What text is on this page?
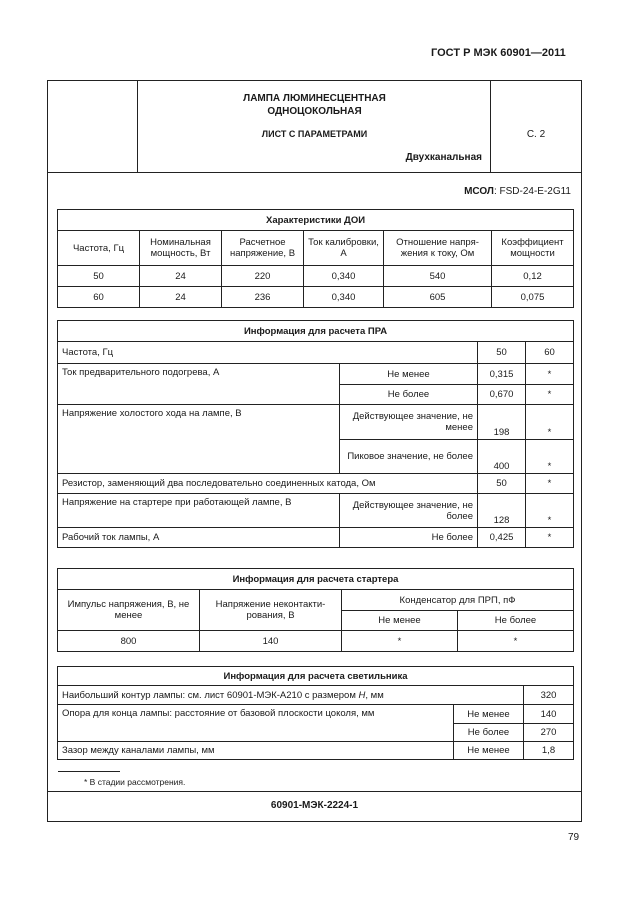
ГОСТ Р МЭК 60901—2011
ЛАМПА ЛЮМИНЕСЦЕНТНАЯ
ОДНОЦОКОЛЬНАЯ
ЛИСТ С ПАРАМЕТРАМИ
Двухканальная
С. 2
МСОЛ: FSD-24-E-2G11
Характеристики ДОИ					
Частота, Гц	Номинальная мощность, Вт	Расчетное напряжение, В	Ток калибровки, А	Отношение напря-жения к току, Ом	Коэффициент мощности
50	24	220	0,340	540	0,12
60	24	236	0,340	605	0,075
Информация для расчета ПРА			
Частота, Гц		50	60
Ток предварительного подогрева, А	Не менее	0,315	*
	Не более	0,670	*
Напряжение холостого хода на лампе, В	Действующее значение, не менее	198	*
	Пиковое значение, не более	400	*
Резистор, заменяющий два последовательно соединенных катода, Ом		50	*
Напряжение на стартере при работающей лампе, В	Действующее значение, не более	128	*
Рабочий ток лампы, А	Не более	0,425	*
Информация для расчета стартера			
Импульс напряжения, В, не менее	Напряжение неконтакти-рования, В	Конденсатор для ПРП, пФ	
		Не менее	Не более
800	140	*	*
Информация для расчета светильника		
Наибольший контур лампы: см. лист 60901-МЭК-А210 с размером Н, мм		320
Опора для конца лампы: расстояние от базовой плоскости цоколя, мм	Не менее	140
	Не более	270
Зазор между каналами лампы, мм	Не менее	1,8
* В стадии рассмотрения.
60901-МЭК-2224-1
79
